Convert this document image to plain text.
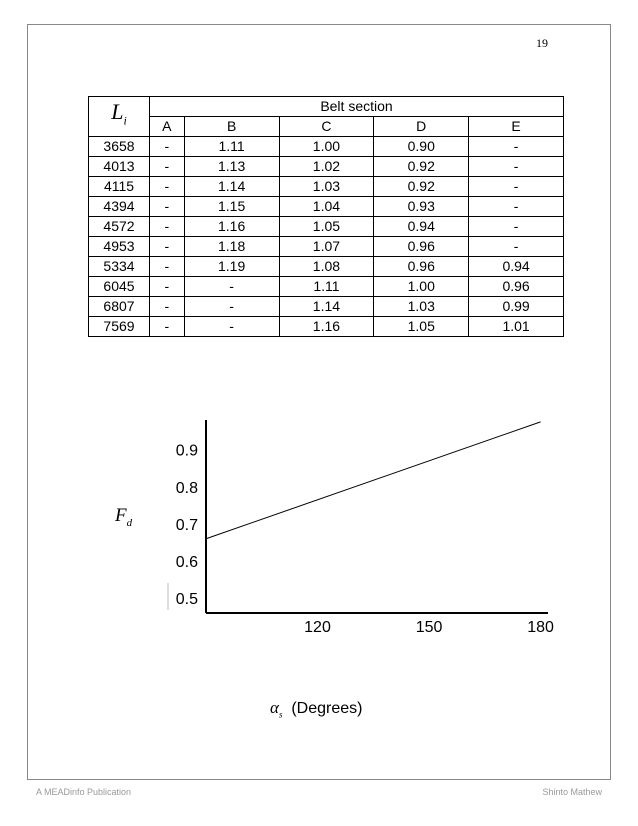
19
$L_i$	Belt section				
	A	B	C	D	E
3658	-	1.11	1.00	0.90	-
4013	-	1.13	1.02	0.92	-
4115	-	1.14	1.03	0.92	-
4394	-	1.15	1.04	0.93	-
4572	-	1.16	1.05	0.94	-
4953	-	1.18	1.07	0.96	-
5334	-	1.19	1.08	0.96	0.94
6045	-	-	1.11	1.00	0.96
6807	-	-	1.14	1.03	0.99
7569	-	-	1.16	1.05	1.01
0.5
0.6
0.7
0.8
0.9
120	150	180
$F_d$
$\alpha_s$ (Degrees)
A MEADinfo Publication	Shinto Mathew
